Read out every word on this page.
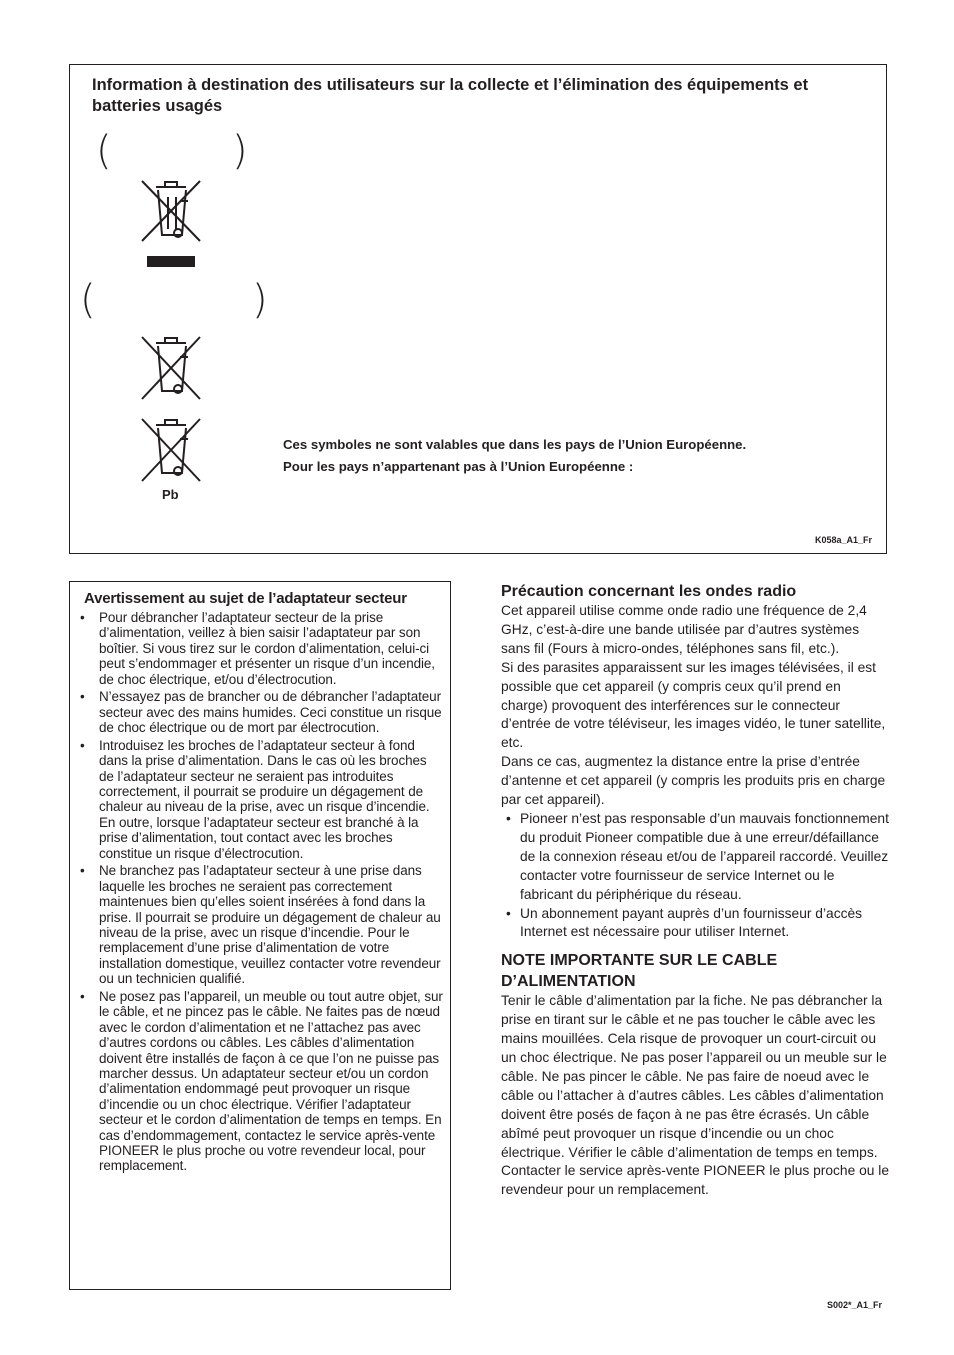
Information à destination des utilisateurs sur la collecte et l’élimination des équipements et batteries usagés
(	)
(	)
Pb
Ces symboles ne sont valables que dans les pays de l’Union Européenne.
Pour les pays n’appartenant pas à l’Union Européenne :
K058a_A1_Fr
Avertissement au sujet de l’adaptateur secteur
• Pour débrancher l’adaptateur secteur de la prise d’alimentation, veillez à bien saisir l’adaptateur par son boîtier. Si vous tirez sur le cordon d’alimentation, celui-ci peut s’endommager et présenter un risque d’un incendie, de choc électrique, et/ou d’électrocution.
• N’essayez pas de brancher ou de débrancher l’adaptateur secteur avec des mains humides. Ceci constitue un risque de choc électrique ou de mort par électrocution.
• Introduisez les broches de l’adaptateur secteur à fond dans la prise d’alimentation. Dans le cas où les broches de l’adaptateur secteur ne seraient pas introduites correctement, il pourrait se produire un dégagement de chaleur au niveau de la prise, avec un risque d’incendie. En outre, lorsque l’adaptateur secteur est branché à la prise d’alimentation, tout contact avec les broches constitue un risque d’électrocution.
• Ne branchez pas l’adaptateur secteur à une prise dans laquelle les broches ne seraient pas correctement maintenues bien qu’elles soient insérées à fond dans la prise. Il pourrait se produire un dégagement de chaleur au niveau de la prise, avec un risque d’incendie. Pour le remplacement d’une prise d’alimentation de votre installation domestique, veuillez contacter votre revendeur ou un technicien qualifié.
• Ne posez pas l’appareil, un meuble ou tout autre objet, sur le câble, et ne pincez pas le câble. Ne faites pas de nœud avec le cordon d’alimentation et ne l’attachez pas avec d’autres cordons ou câbles. Les câbles d’alimentation doivent être installés de façon à ce que l’on ne puisse pas marcher dessus. Un adaptateur secteur et/ou un cordon d’alimentation endommagé peut provoquer un risque d’incendie ou un choc électrique. Vérifier l’adaptateur secteur et le cordon d’alimentation de temps en temps. En cas d’endommagement, contactez le service après-vente PIONEER le plus proche ou votre revendeur local, pour remplacement.
Précaution concernant les ondes radio

Cet appareil utilise comme onde radio une fréquence de 2,4 GHz, c’est-à-dire une bande utilisée par d’autres systèmes sans fil (Fours à micro-ondes, téléphones sans fil, etc.).

Si des parasites apparaissent sur les images télévisées, il est possible que cet appareil (y compris ceux qu’il prend en charge) provoquent des interférences sur le connecteur d’entrée de votre téléviseur, les images vidéo, le tuner satellite, etc.

Dans ce cas, augmentez la distance entre la prise d’entrée d’antenne et cet appareil (y compris les produits pris en charge par cet appareil).

• Pioneer n’est pas responsable d’un mauvais fonctionnement du produit Pioneer compatible due à une erreur/défaillance de la connexion réseau et/ou de l’appareil raccordé. Veuillez contacter votre fournisseur de service Internet ou le fabricant du périphérique du réseau.
• Un abonnement payant auprès d’un fournisseur d’accès Internet est nécessaire pour utiliser Internet.
NOTE IMPORTANTE SUR LE CABLE D’ALIMENTATION

Tenir le câble d’alimentation par la fiche. Ne pas débrancher la prise en tirant sur le câble et ne pas toucher le câble avec les mains mouillées. Cela risque de provoquer un court-circuit ou un choc électrique. Ne pas poser l’appareil ou un meuble sur le câble. Ne pas pincer le câble. Ne pas faire de noeud avec le câble ou l’attacher à d’autres câbles. Les câbles d’alimentation doivent être posés de façon à ne pas être écrasés. Un câble abîmé peut provoquer un risque d’incendie ou un choc électrique. Vérifier le câble d’alimentation de temps en temps. Contacter le service après-vente PIONEER le plus proche ou le revendeur pour un remplacement.

S002*_A1_Fr
